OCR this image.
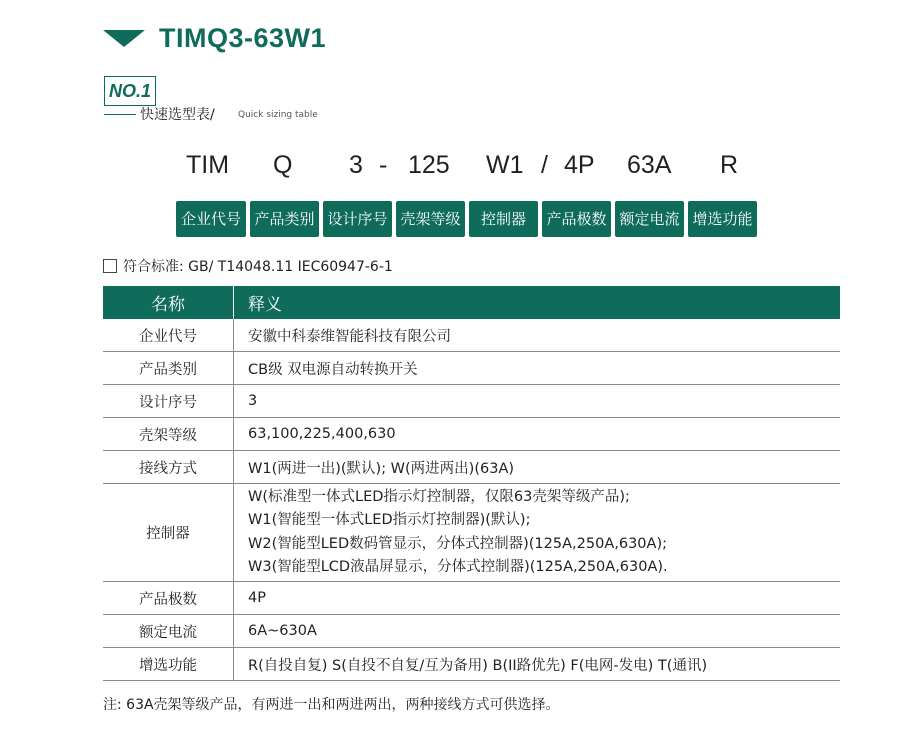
TIMQ3-63W1
NO.1
快速选型表/	Quick sizing table
TIM Q 3 - 125 W1 / 4P 63A R
企业代号 产品类别 设计序号 壳架等级	控制器	产品极数 额定电流 增选功能
符合标准: GB/ T14048.11 IEC60947-6-1
名称	释义
企业代号	安徽中科泰维智能科技有限公司
产品类别	CB级 双电源自动转换开关
设计序号	3
壳架等级	63,100,225,400,630
接线方式	W1(两进一出)(默认); W(两进两出)(63A)
控制器	W(标准型一体式LED指示灯控制器，仅限63壳架等级产品);
W1(智能型一体式LED指示灯控制器)(默认);
W2(智能型LED数码管显示，分体式控制器)(125A,250A,630A);
W3(智能型LCD液晶屏显示，分体式控制器)(125A,250A,630A).

产品极数	4P
额定电流	6A~630A
增选功能	R(自投自复) S(自投不自复/互为备用) B(II路优先) F(电网-发电) T(通讯)
注: 63A壳架等级产品，有两进一出和两进两出，两种接线方式可供选择。
